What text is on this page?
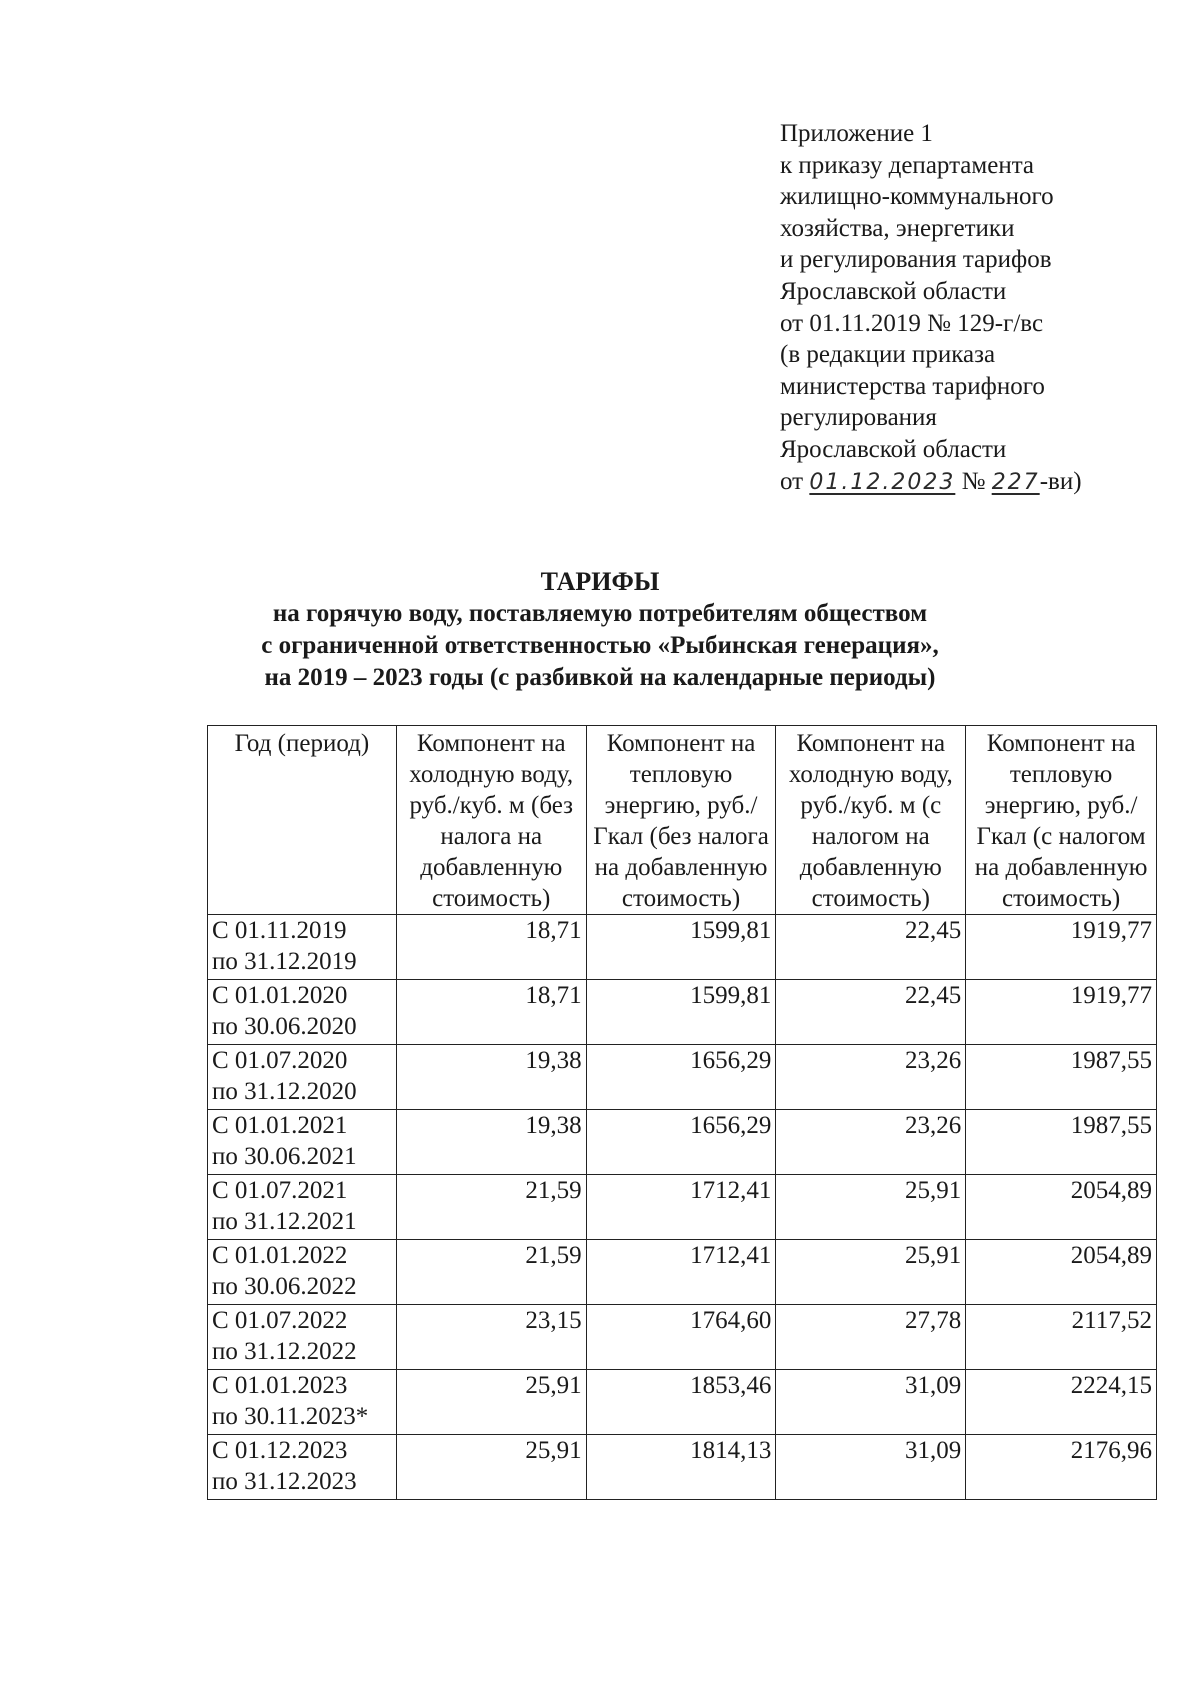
Приложение 1
к приказу департамента
жилищно-коммунального
хозяйства, энергетики
и регулирования тарифов
Ярославской области
от 01.11.2019 № 129-г/вс
(в редакции приказа
министерства тарифного
регулирования
Ярославской области
от 01.12.2023 № 227-ви)
ТАРИФЫ
на горячую воду, поставляемую потребителям обществом
с ограниченной ответственностью «Рыбинская генерация»,
на 2019 – 2023 годы (с разбивкой на календарные периоды)
Год (период)	Компонент на холодную воду, руб./куб. м (без налога на добавленную стоимость)	Компонент на тепловую энергию, руб./Гкал (без налога на добавленную стоимость)	Компонент на холодную воду, руб./куб. м (с налогом на добавленную стоимость)	Компонент на тепловую энергию, руб./Гкал (с налогом на добавленную стоимость)

С 01.11.2019
по 31.12.2019	18,71	1599,81	22,45	1919,77

С 01.01.2020
по 30.06.2020	18,71	1599,81	22,45	1919,77

С 01.07.2020
по 31.12.2020	19,38	1656,29	23,26	1987,55

С 01.01.2021
по 30.06.2021	19,38	1656,29	23,26	1987,55

С 01.07.2021
по 31.12.2021	21,59	1712,41	25,91	2054,89

С 01.01.2022
по 30.06.2022	21,59	1712,41	25,91	2054,89

С 01.07.2022
по 31.12.2022	23,15	1764,60	27,78	2117,52

С 01.01.2023
по 30.11.2023*	25,91	1853,46	31,09	2224,15

С 01.12.2023
по 31.12.2023	25,91	1814,13	31,09	2176,96
